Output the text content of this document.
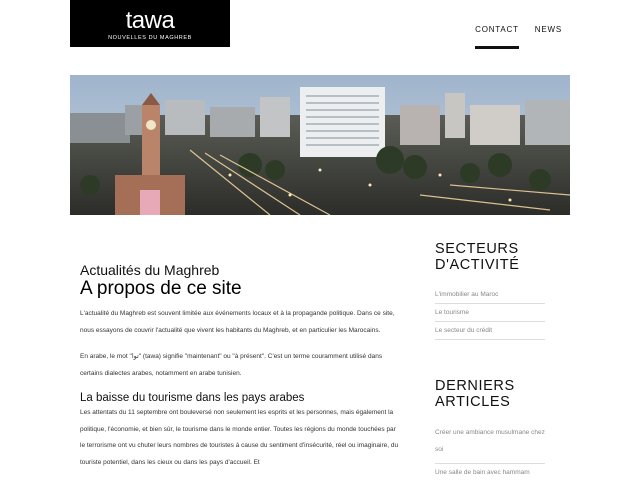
tawa
NOUVELLES DU MAGHREB
CONTACT NEWS
Actualités du Maghreb
A propos de ce site

L'actualité du Maghreb est souvent limitée aux événements locaux et à la propagande politique. Dans ce site, nous essayons de couvrir l'actualité que vivent les habitants du Maghreb, et en particulier les Marocains.

En arabe, le mot "توا" (tawa) signifie "maintenant" ou "à présent". C'est un terme couramment utilisé dans certains dialectes arabes, notamment en arabe tunisien.

La baisse du tourisme dans les pays arabes

Les attentats du 11 septembre ont bouleversé non seulement les esprits et les personnes, mais également la politique, l'économie, et bien sûr, le tourisme dans le monde entier. Toutes les régions du monde touchées par le terrorisme ont vu chuter leurs nombres de touristes à cause du sentiment d'insécurité, réel ou imaginaire, du touriste potentiel, dans les cieux ou dans les pays d'accueil. Et

SECTEURS
D'ACTIVITÉ
L'immobilier au Maroc
Le tourisme
Le secteur du crédit
DERNIERS
ARTICLES
Créer une ambiance musulmane chez soi
Une salle de bain avec hammam
